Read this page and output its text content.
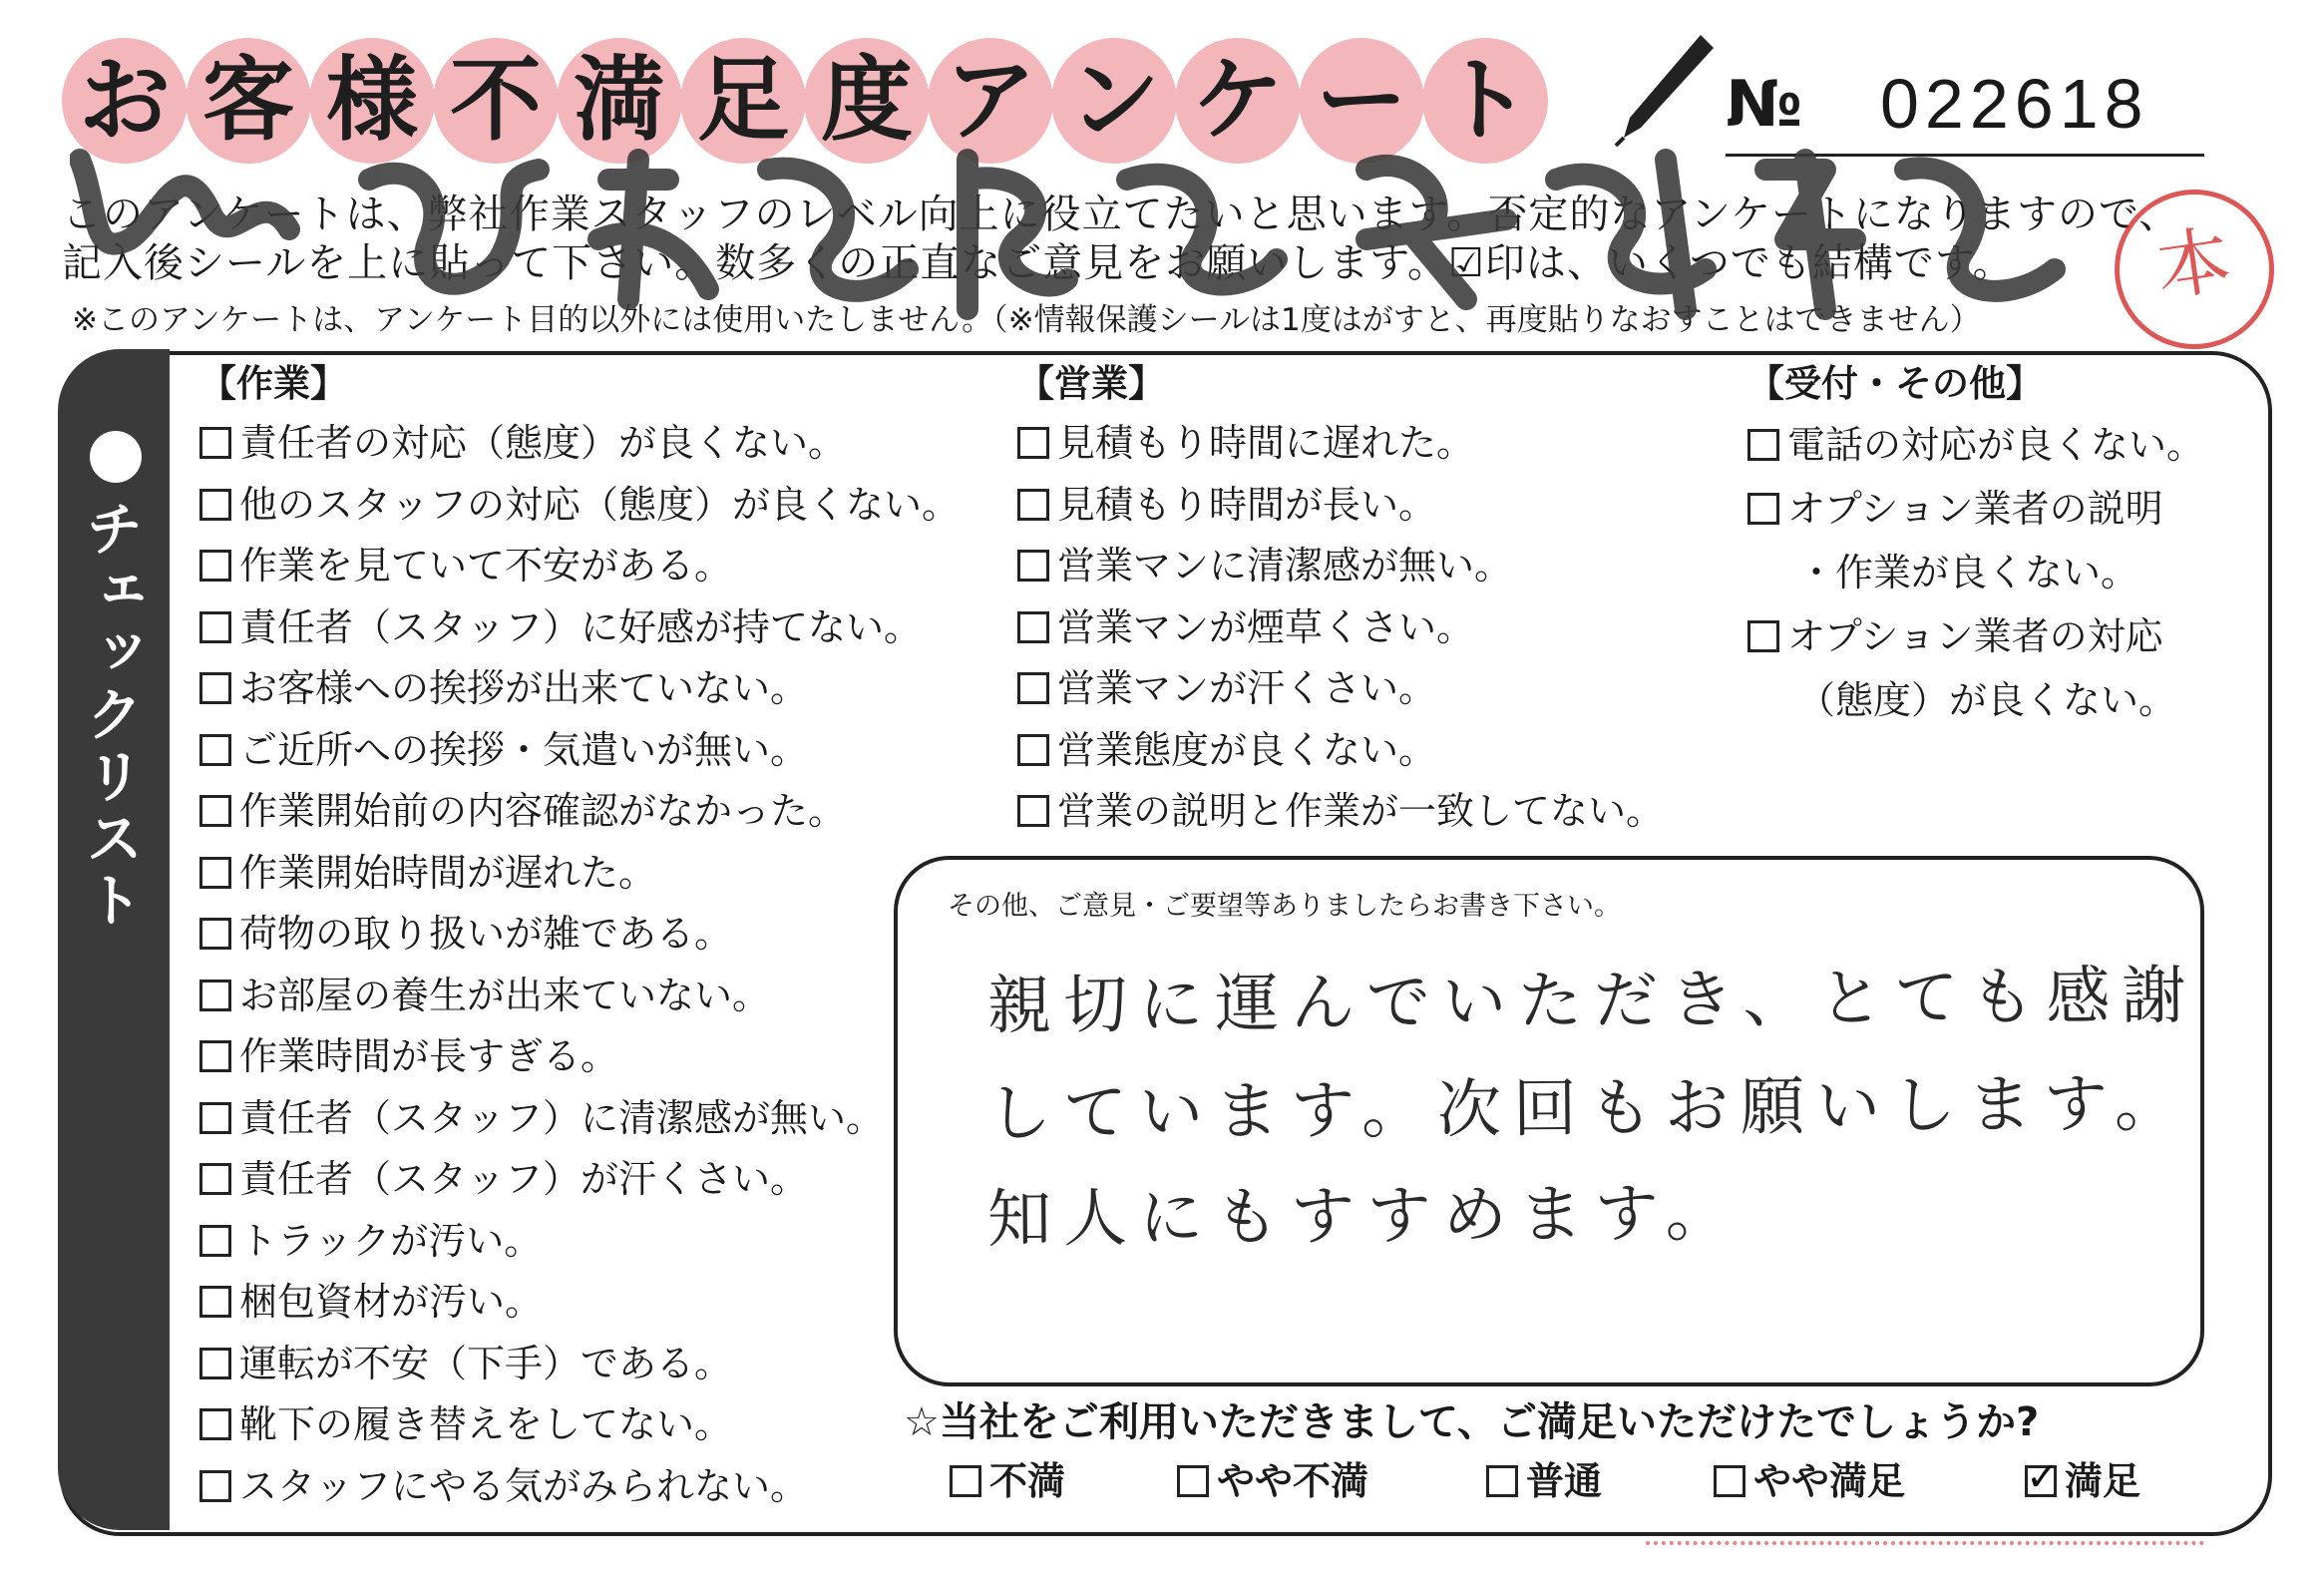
お 客 様 不 満 足 度 ア ン ケ ー ト	№ 022618
このアンケートは、弊社作業スタッフのレベル向上に役立てたいと思います。否定的なアンケートになりますので、
記入後シールを上に貼って下さい。数多くの正直なご意見をお願いします。☑印は、いくつでも結構です。
※このアンケートは、アンケート目的以外には使用いたしません。（※情報保護シールは1度はがすと、再度貼りなおすことはできません）
本
チェックリスト
【作業】
責任者の対応（態度）が良くない。
他のスタッフの対応（態度）が良くない。
作業を見ていて不安がある。
責任者（スタッフ）に好感が持てない。
お客様への挨拶が出来ていない。
ご近所への挨拶・気遣いが無い。
作業開始前の内容確認がなかった。
作業開始時間が遅れた。
荷物の取り扱いが雑である。
お部屋の養生が出来ていない。
作業時間が長すぎる。
責任者（スタッフ）に清潔感が無い。
責任者（スタッフ）が汗くさい。
トラックが汚い。
梱包資材が汚い。
運転が不安（下手）である。
靴下の履き替えをしてない。
スタッフにやる気がみられない。
【営業】
見積もり時間に遅れた。
見積もり時間が長い。
営業マンに清潔感が無い。
営業マンが煙草くさい。
営業マンが汗くさい。
営業態度が良くない。
営業の説明と作業が一致してない。
【受付・その他】
電話の対応が良くない。
オプション業者の説明
・作業が良くない。
オプション業者の対応
（態度）が良くない。
その他、ご意見・ご要望等ありましたらお書き下さい。
親切に運んでいただき、とても感謝
しています。次回もお願いします。
知人にもすすめます。
☆当社をご利用いただきまして、ご満足いただけたでしょうか?
不満	やや不満	普通	やや満足
✓	満足
